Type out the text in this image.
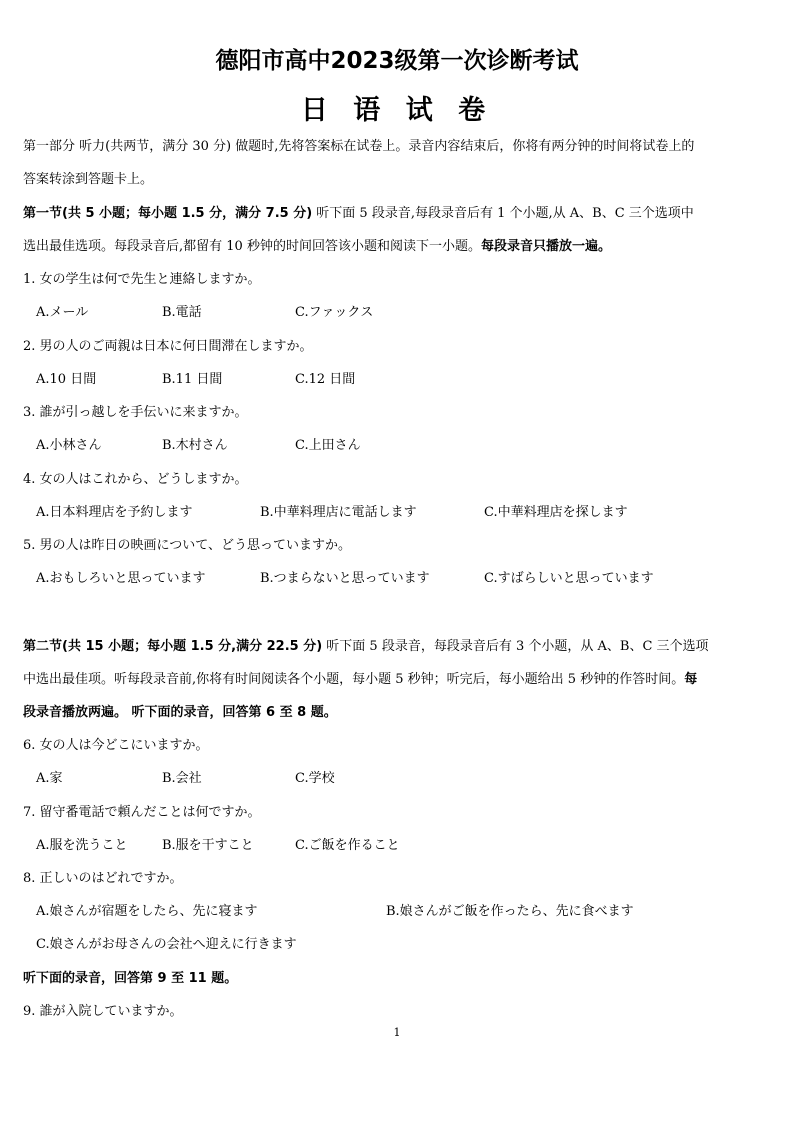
德阳市高中2023级第一次诊断考试
日 语 试 卷
第一部分 听力(共两节，满分 30 分) 做题时,先将答案标在试卷上。录音内容结束后，你将有两分钟的时间将试卷上的
答案转涂到答题卡上。
第一节(共 5 小题；每小题 1.5 分，满分 7.5 分) 听下面 5 段录音,每段录音后有 1 个小题,从 A、B、C 三个选项中
选出最佳选项。每段录音后,都留有 10 秒钟的时间回答该小题和阅读下一小题。每段录音只播放一遍。
1. 女の学生は何で先生と連絡しますか。
A.メール	B.電話	C.ファックス
2. 男の人のご両親は日本に何日間滞在しますか。
A.10 日間	B.11 日間	C.12 日間
3. 誰が引っ越しを手伝いに来ますか。
A.小林さん	B.木村さん	C.上田さん
4. 女の人はこれから、どうしますか。
A.日本料理店を予約します	B.中華料理店に電話します	C.中華料理店を探します
5. 男の人は昨日の映画について、どう思っていますか。
A.おもしろいと思っています	B.つまらないと思っています	C.すばらしいと思っています
第二节(共 15 小题；每小题 1.5 分,满分 22.5 分) 听下面 5 段录音，每段录音后有 3 个小题，从 A、B、C 三个选项
中选出最佳项。听每段录音前,你将有时间阅读各个小题，每小题 5 秒钟；听完后，每小题给出 5 秒钟的作答时间。每
段录音播放两遍。 听下面的录音，回答第 6 至 8 题。
6. 女の人は今どこにいますか。
A.家	B.会社	C.学校
7. 留守番電話で頼んだことは何ですか。
A.服を洗うこと	B.服を干すこと	C.ご飯を作ること
8. 正しいのはどれですか。
A.娘さんが宿題をしたら、先に寝ます	B.娘さんがご飯を作ったら、先に食べます
C.娘さんがお母さんの会社へ迎えに行きます
听下面的录音，回答第 9 至 11 题。
9. 誰が入院していますか。
1
